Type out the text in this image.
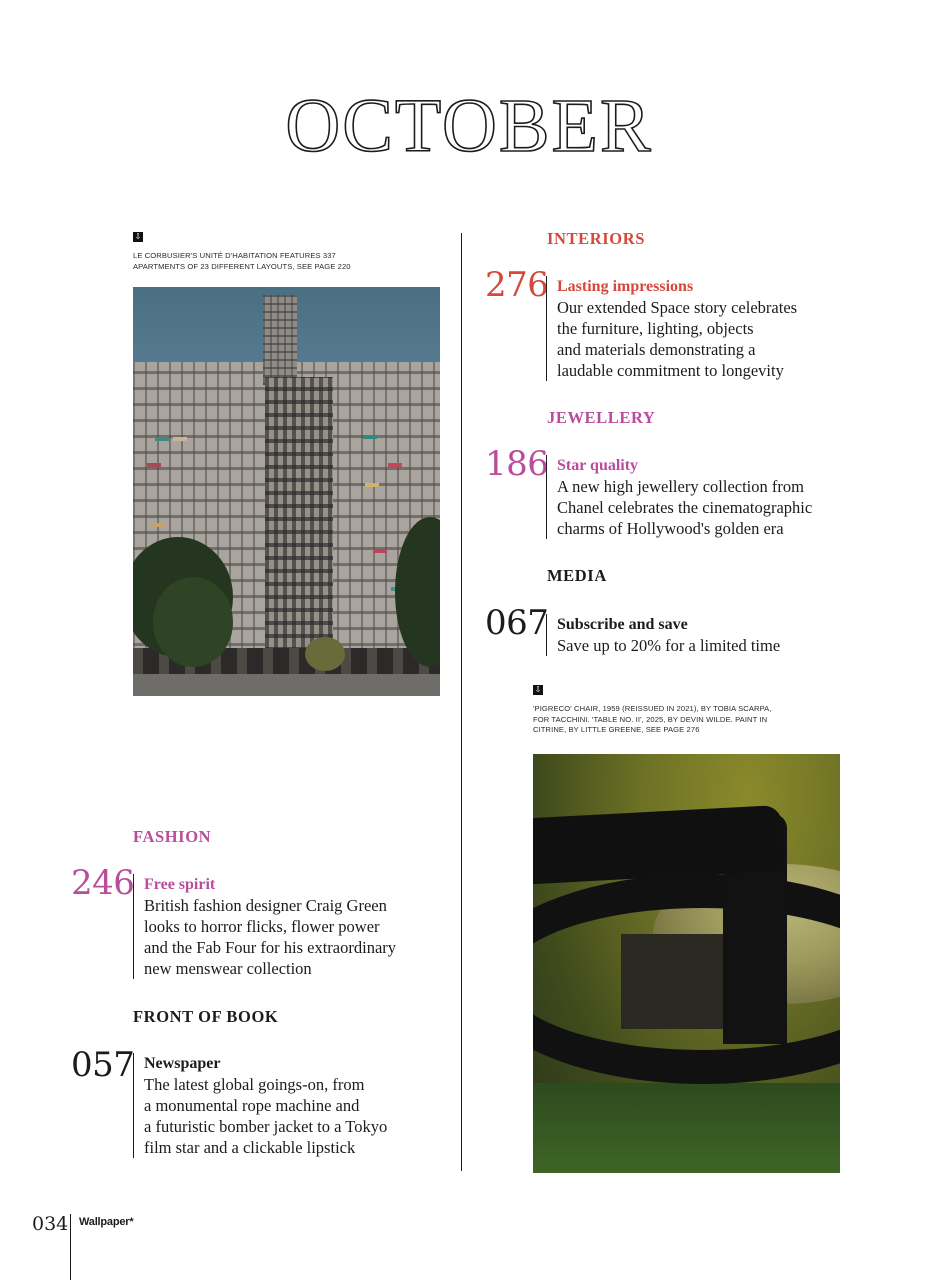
OCTOBER
⇩
LE CORBUSIER'S UNITÉ D'HABITATION FEATURES 337 APARTMENTS OF 23 DIFFERENT LAYOUTS, SEE PAGE 220
FASHION
246 Free spirit
British fashion designer Craig Green
looks to horror flicks, flower power
and the Fab Four for his extraordinary
new menswear collection
FRONT OF BOOK
057 Newspaper
The latest global goings-on, from
a monumental rope machine and
a futuristic bomber jacket to a Tokyo
film star and a clickable lipstick
INTERIORS
276 Lasting impressions
Our extended Space story celebrates
the furniture, lighting, objects
and materials demonstrating a
laudable commitment to longevity
JEWELLERY
186 Star quality
A new high jewellery collection from
Chanel celebrates the cinematographic
charms of Hollywood's golden era
MEDIA
067 Subscribe and save
Save up to 20% for a limited time
⇩
'PIGRECO' CHAIR, 1959 (REISSUED IN 2021), BY TOBIA SCARPA, FOR TACCHINI. 'TABLE NO. II', 2025, BY DEVIN WILDE. PAINT IN CITRINE, BY LITTLE GREENE, SEE PAGE 276
034 Wallpaper*
